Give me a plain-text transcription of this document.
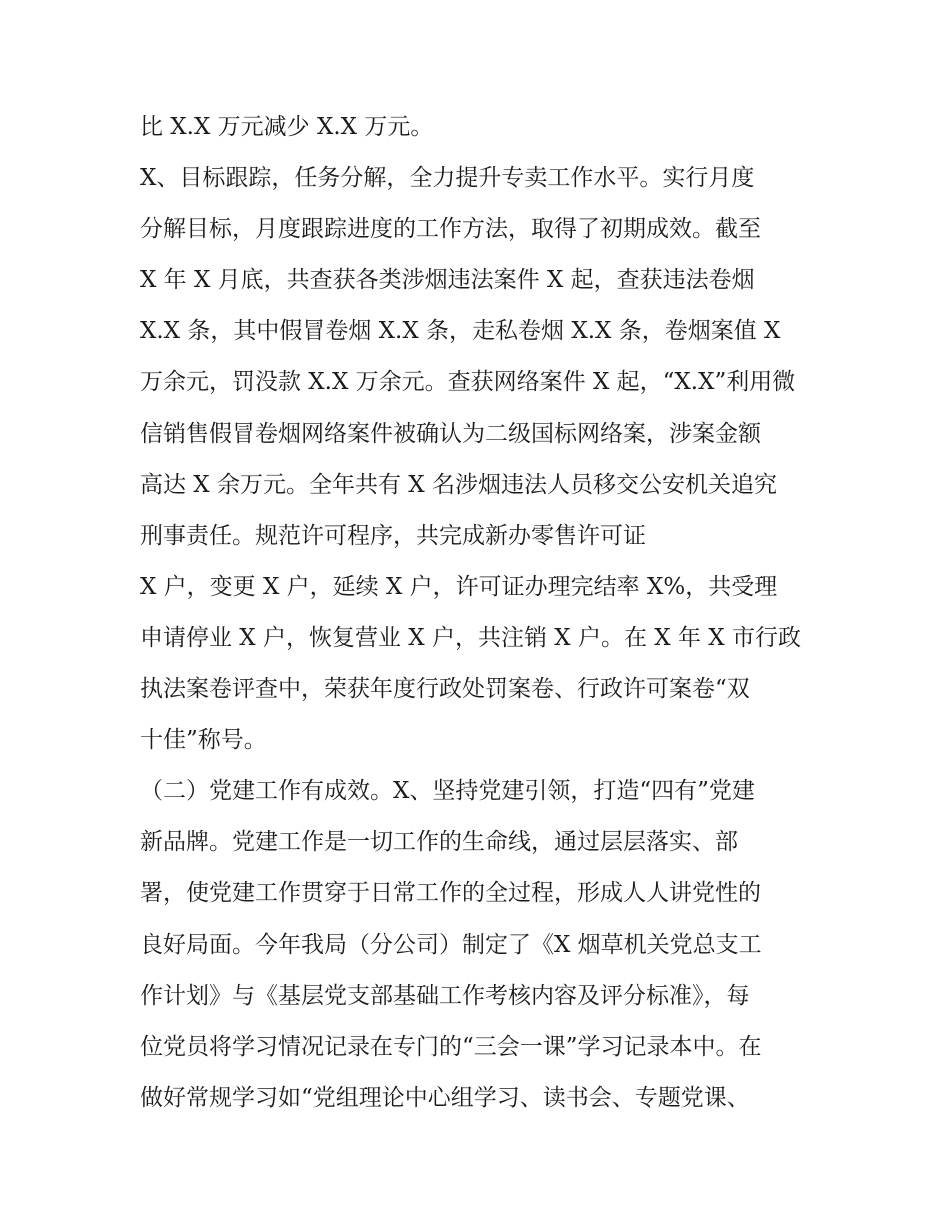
比 X.X 万元减少 X.X 万元。
X、目标跟踪，任务分解，全力提升专卖工作水平。实行月度
分解目标，月度跟踪进度的工作方法，取得了初期成效。截至
X 年 X 月底，共查获各类涉烟违法案件 X 起，查获违法卷烟
X.X 条，其中假冒卷烟 X.X 条，走私卷烟 X.X 条，卷烟案值 X
万余元，罚没款 X.X 万余元。查获网络案件 X 起，“X.X”利用微
信销售假冒卷烟网络案件被确认为二级国标网络案，涉案金额
高达 X 余万元。全年共有 X 名涉烟违法人员移交公安机关追究
刑事责任。规范许可程序，共完成新办零售许可证
X 户，变更 X 户，延续 X 户，许可证办理完结率 X%，共受理
申请停业 X 户，恢复营业 X 户，共注销 X 户。在 X 年 X 市行政
执法案卷评查中，荣获年度行政处罚案卷、行政许可案卷“双
十佳”称号。
（二）党建工作有成效。X、坚持党建引领，打造“四有”党建
新品牌。党建工作是一切工作的生命线，通过层层落实、部
署，使党建工作贯穿于日常工作的全过程，形成人人讲党性的
良好局面。今年我局（分公司）制定了《X 烟草机关党总支工
作计划》与《基层党支部基础工作考核内容及评分标准》，每
位党员将学习情况记录在专门的“三会一课”学习记录本中。在
做好常规学习如“党组理论中心组学习、读书会、专题党课、
